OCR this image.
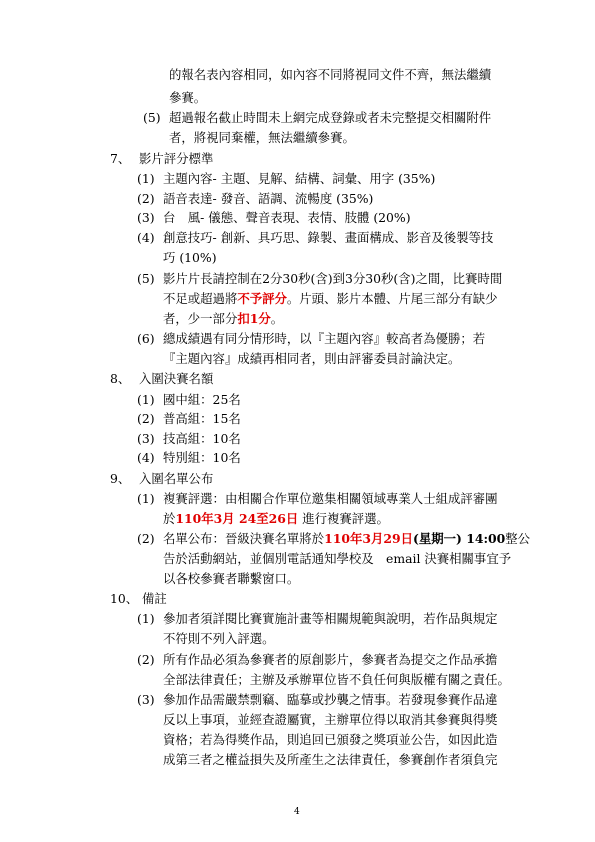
的報名表內容相同，如內容不同將視同文件不齊，無法繼續
參賽。
(5) 超過報名截止時間未上網完成登錄或者未完整提交相關附件
者，將視同棄權，無法繼續參賽。
7、 影片評分標準
(1) 主題內容- 主題、見解、結構、詞彙、用字 (35%)
(2) 語音表達- 發音、語調、流暢度 (35%)
(3) 台　風- 儀態、聲音表現、表情、肢體 (20%)
(4) 創意技巧- 創新、具巧思、錄製、畫面構成、影音及後製等技
巧 (10%)
(5) 影片片長請控制在2分30秒(含)到3分30秒(含)之間，比賽時間
不足或超過將不予評分。片頭、影片本體、片尾三部分有缺少
者，少一部分扣1分。
(6) 總成績遇有同分情形時，以『主題內容』較高者為優勝；若
『主題內容』成績再相同者，則由評審委員討論決定。
8、 入圍決賽名額
(1) 國中組：25名
(2) 普高組：15名
(3) 技高組：10名
(4) 特別組：10名
9、 入圍名單公布
(1) 複賽評選：由相關合作單位邀集相關領域專業人士組成評審團
於110年3月 24至26日 進行複賽評選。
(2) 名單公布：晉級決賽名單將於110年3月29日(星期一) 14:00整公
告於活動網站，並個別電話通知學校及　email 決賽相關事宜予
以各校參賽者聯繫窗口。
10、 備註
(1) 參加者須詳閱比賽實施計畫等相關規範與說明，若作品與規定
不符則不列入評選。
(2) 所有作品必須為參賽者的原創影片，參賽者為提交之作品承擔
全部法律責任；主辦及承辦單位皆不負任何與版權有關之責任。
(3) 參加作品需嚴禁剽竊、臨摹或抄襲之情事。若發現參賽作品違
反以上事項，並經查證屬實，主辦單位得以取消其參賽與得獎
資格；若為得獎作品，則追回已頒發之獎項並公告，如因此造
成第三者之權益損失及所產生之法律責任，參賽創作者須負完
4
